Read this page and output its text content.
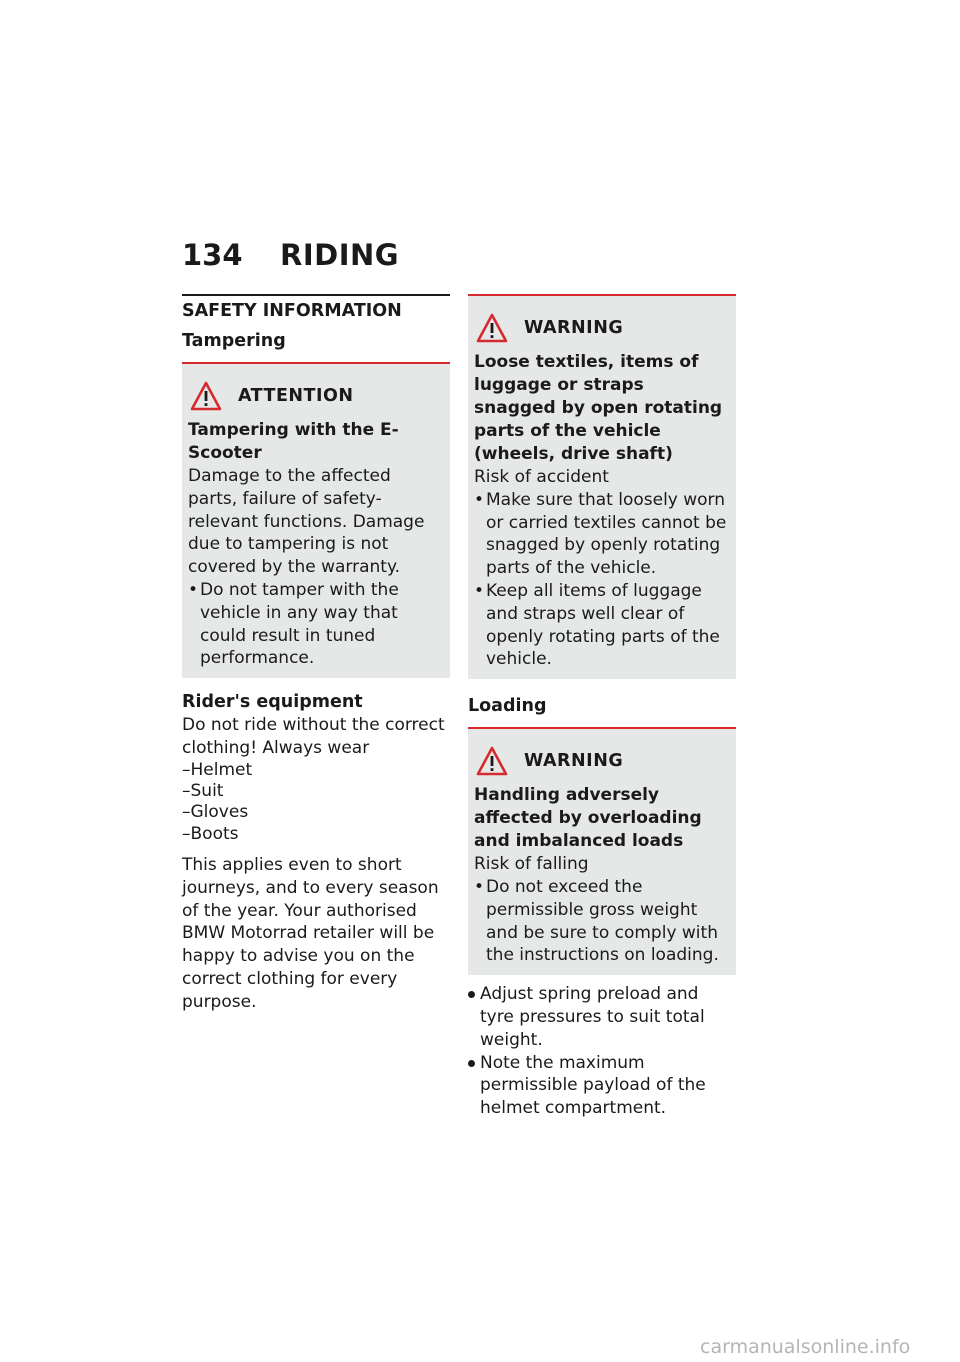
134	RIDING
SAFETY INFORMATION
Tampering
ATTENTION
Tampering with the E-Scooter
Damage to the affected parts, failure of safety-relevant functions. Damage due to tampering is not covered by the warranty.
• Do not tamper with the vehicle in any way that could result in tuned performance.
Rider's equipment

Do not ride without the correct clothing! Always wear

– Helmet
– Suit
– Gloves
– Boots

This applies even to short journeys, and to every season of the year. Your authorised BMW Motorrad retailer will be happy to advise you on the correct clothing for every purpose.

WARNING
Loose textiles, items of luggage or straps snagged by open rotating parts of the vehicle (wheels, drive shaft)
Risk of accident
• Make sure that loosely worn or carried textiles cannot be snagged by openly rotating parts of the vehicle.
• Keep all items of luggage and straps well clear of openly rotating parts of the vehicle.
Loading
WARNING
Handling adversely affected by overloading and imbalanced loads
Risk of falling
• Do not exceed the permissible gross weight and be sure to comply with the instructions on loading.
Adjust spring preload and tyre pressures to suit total weight.
Note the maximum permissible payload of the helmet compartment.
carmanualsonline.info
